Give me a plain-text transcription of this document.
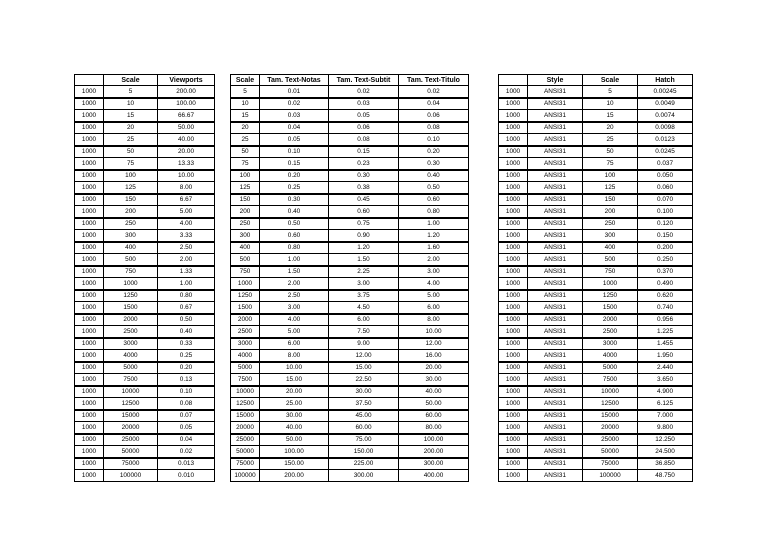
	Scale	Viewports
1000	5	200.00
1000	10	100.00
1000	15	66.67
1000	20	50.00
1000	25	40.00
1000	50	20.00
1000	75	13.33
1000	100	10.00
1000	125	8.00
1000	150	6.67
1000	200	5.00
1000	250	4.00
1000	300	3.33
1000	400	2.50
1000	500	2.00
1000	750	1.33
1000	1000	1.00
1000	1250	0.80
1000	1500	0.67
1000	2000	0.50
1000	2500	0.40
1000	3000	0.33
1000	4000	0.25
1000	5000	0.20
1000	7500	0.13
1000	10000	0.10
1000	12500	0.08
1000	15000	0.07
1000	20000	0.05
1000	25000	0.04
1000	50000	0.02
1000	75000	0.013
1000	100000	0.010
Scale	Tam. Text-Notas	Tam. Text-Subtit	Tam. Text-Titulo
5	0.01	0.02	0.02
10	0.02	0.03	0.04
15	0.03	0.05	0.06
20	0.04	0.06	0.08
25	0.05	0.08	0.10
50	0.10	0.15	0.20
75	0.15	0.23	0.30
100	0.20	0.30	0.40
125	0.25	0.38	0.50
150	0.30	0.45	0.60
200	0.40	0.60	0.80
250	0.50	0.75	1.00
300	0.60	0.90	1.20
400	0.80	1.20	1.60
500	1.00	1.50	2.00
750	1.50	2.25	3.00
1000	2.00	3.00	4.00
1250	2.50	3.75	5.00
1500	3.00	4.50	6.00
2000	4.00	6.00	8.00
2500	5.00	7.50	10.00
3000	6.00	9.00	12.00
4000	8.00	12.00	16.00
5000	10.00	15.00	20.00
7500	15.00	22.50	30.00
10000	20.00	30.00	40.00
12500	25.00	37.50	50.00
15000	30.00	45.00	60.00
20000	40.00	60.00	80.00
25000	50.00	75.00	100.00
50000	100.00	150.00	200.00
75000	150.00	225.00	300.00
100000	200.00	300.00	400.00
	Style	Scale	Hatch
1000	ANSI31	5	0.00245
1000	ANSI31	10	0.0049
1000	ANSI31	15	0.0074
1000	ANSI31	20	0.0098
1000	ANSI31	25	0.0123
1000	ANSI31	50	0.0245
1000	ANSI31	75	0.037
1000	ANSI31	100	0.050
1000	ANSI31	125	0.060
1000	ANSI31	150	0.070
1000	ANSI31	200	0.100
1000	ANSI31	250	0.120
1000	ANSI31	300	0.150
1000	ANSI31	400	0.200
1000	ANSI31	500	0.250
1000	ANSI31	750	0.370
1000	ANSI31	1000	0.490
1000	ANSI31	1250	0.620
1000	ANSI31	1500	0.740
1000	ANSI31	2000	0.956
1000	ANSI31	2500	1.225
1000	ANSI31	3000	1.455
1000	ANSI31	4000	1.950
1000	ANSI31	5000	2.440
1000	ANSI31	7500	3.650
1000	ANSI31	10000	4.900
1000	ANSI31	12500	6.125
1000	ANSI31	15000	7.000
1000	ANSI31	20000	9.800
1000	ANSI31	25000	12.250
1000	ANSI31	50000	24.500
1000	ANSI31	75000	36.850
1000	ANSI31	100000	48.750
